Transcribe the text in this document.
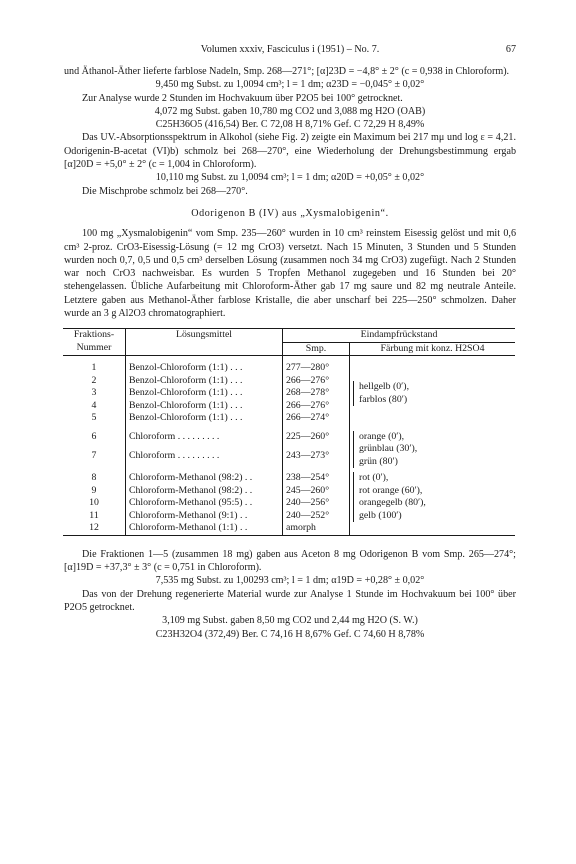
Volumen xxxiv, Fasciculus i (1951) – No. 7.	67

und Äthanol-Äther lieferte farblose Nadeln, Smp. 268—271°; [α]23D = −4,8° ± 2° (c = 0,938 in Chloroform).

9,450 mg Subst. zu 1,0094 cm³; l = 1 dm; α23D = −0,045° ± 0,02°

Zur Analyse wurde 2 Stunden im Hochvakuum über P2O5 bei 100° getrocknet.

4,072 mg Subst. gaben 10,780 mg CO2 und 3,088 mg H2O (OAB)

C25H36O5 (416,54) Ber. C 72,08 H 8,71% Gef. C 72,29 H 8,49%

Das UV.-Absorptionsspektrum in Alkohol (siehe Fig. 2) zeigte ein Maximum bei 217 mμ und log ε = 4,21. Odorigenin-B-acetat (VI)b) schmolz bei 268—270°, eine Wiederholung der Drehungsbestimmung ergab [α]20D = +5,0° ± 2° (c = 1,004 in Chloroform).

10,110 mg Subst. zu 1,0094 cm³; l = 1 dm; α20D = +0,05° ± 0,02°

Die Mischprobe schmolz bei 268—270°.

Odorigenon B (IV) aus „Xysmalobigenin“.

100 mg „Xysmalobigenin“ vom Smp. 235—260° wurden in 10 cm³ reinstem Eisessig gelöst und mit 0,6 cm³ 2-proz. CrO3-Eisessig-Lösung (= 12 mg CrO3) versetzt. Nach 15 Minuten, 3 Stunden und 5 Stunden wurden noch 0,7, 0,5 und 0,5 cm³ derselben Lösung (zusammen noch 34 mg CrO3) zugefügt. Nach 2 Stunden war noch CrO3 nachweisbar. Es wurden 5 Tropfen Methanol zugegeben und 16 Stunden bei 20° stehengelassen. Übliche Aufarbeitung mit Chloroform-Äther gab 17 mg saure und 82 mg neutrale Anteile. Letztere gaben aus Methanol-Äther farblose Kristalle, die aber unscharf bei 225—250° schmolzen. Daher wurde an 3 g Al2O3 chromatographiert.

Fraktions-Nummer	Lösungsmittel	Eindampfrückstand	
		Smp.	Färbung mit konz. H2SO4

1	Benzol-Chloroform (1:1) . . .	277—280°	hellgelb (0′),
farblos (80′)

2	Benzol-Chloroform (1:1) . . .	266—276°	
3	Benzol-Chloroform (1:1) . . .	268—278°	
4	Benzol-Chloroform (1:1) . . .	266—276°	
5	Benzol-Chloroform (1:1) . . .	266—274°	

6	Chloroform . . . . . . . . .	225—260°	orange (0′),
grünblau (30′),
grün (80′)

7	Chloroform . . . . . . . . .	243—273°	

8	Chloroform-Methanol (98:2) . .	238—254°	rot (0′),
rot orange (60′),
orangegelb (80′),
gelb (100′)

9	Chloroform-Methanol (98:2) . .	245—260°	
10	Chloroform-Methanol (95:5) . .	240—256°	
11	Chloroform-Methanol (9:1) . .	240—252°	
12	Chloroform-Methanol (1:1) . .	amorph	

Die Fraktionen 1—5 (zusammen 18 mg) gaben aus Aceton 8 mg Odorigenon B vom Smp. 265—274°; [α]19D = +37,3° ± 3° (c = 0,751 in Chloroform).

7,535 mg Subst. zu 1,00293 cm³; l = 1 dm; α19D = +0,28° ± 0,02°

Das von der Drehung regenerierte Material wurde zur Analyse 1 Stunde im Hochvakuum bei 100° über P2O5 getrocknet.

3,109 mg Subst. gaben 8,50 mg CO2 und 2,44 mg H2O (S. W.)

C23H32O4 (372,49) Ber. C 74,16 H 8,67% Gef. C 74,60 H 8,78%
